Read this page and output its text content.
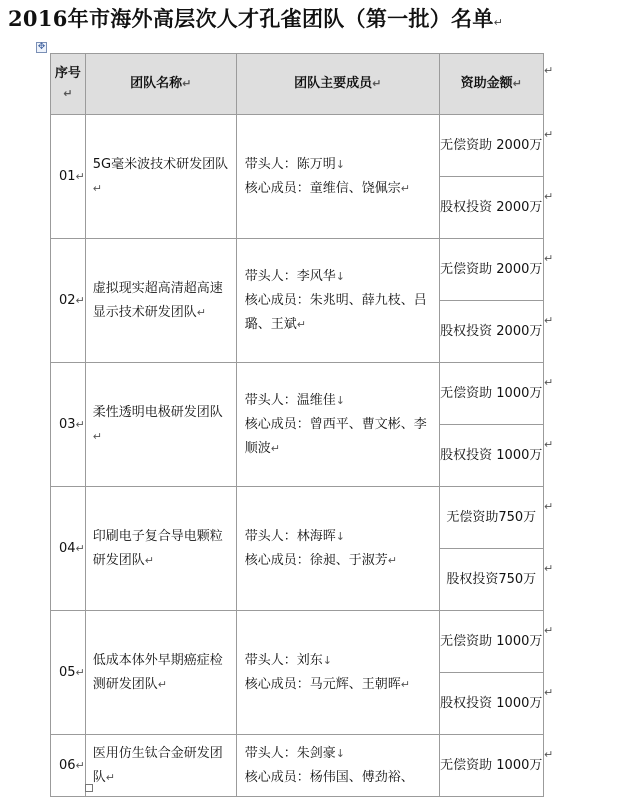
2016年市海外高层次人才孔雀团队（第一批）名单↵
✥
序号↵	团队名称↵	团队主要成员↵	资助金额↵
01↵	5G毫米波技术研发团队↵	带头人：陈万明↓
核心成员：童维信、饶佩宗↵	无偿资助 2000万
			股权投资 2000万
02↵	虚拟现实超高清超高速显示技术研发团队↵	带头人：李风华↓
核心成员：朱兆明、薛九枝、吕璐、王斌↵	无偿资助 2000万
			股权投资 2000万
03↵	柔性透明电极研发团队↵	带头人：温维佳↓
核心成员：曾西平、曹文彬、李顺波↵	无偿资助 1000万
			股权投资 1000万
04↵	印刷电子复合导电颗粒研发团队↵	带头人：林海晖↓
核心成员：徐昶、于淑芳↵	无偿资助750万
			股权投资750万
05↵	低成本体外早期癌症检测研发团队↵	带头人：刘东↓
核心成员：马元辉、王朝晖↵	无偿资助 1000万
			股权投资 1000万
06↵	医用仿生钛合金研发团队↵	带头人：朱剑豪↓
核心成员：杨伟国、傅劲裕、	无偿资助 1000万
↵
↵
↵
↵
↵
↵
↵
↵
↵
↵
↵
↵
